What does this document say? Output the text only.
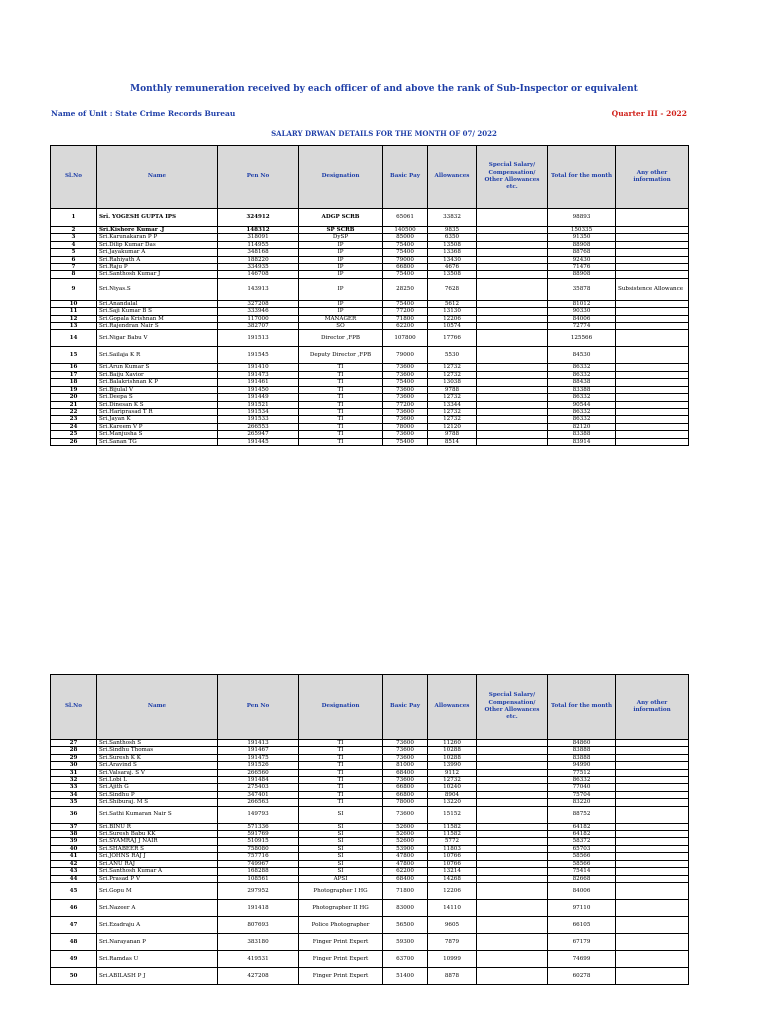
Monthly remuneration received by each officer of and above the rank of Sub-Inspector or equivalent
Name of Unit : State Crime Records Bureau	Quarter III - 2022
SALARY DRWAN DETAILS FOR THE MONTH OF 07/ 2022
Sl.No	Name	Pen No	Designation	Basic Pay	Allowances	Special Salary/ Compensation/ Other Allowances etc.	Total for the month	Any other information
1	Sri. YOGESH GUPTA IPS	324912	ADGP SCRB	65061	33832		98893	
2	Sri.Kishore Kumar .J	148312	SP SCRB	140500	9835		150335	
3	Sri.Karunakaran P P	318091	DySP	85000	6350		91350	
4	Sri.Dilip Kumar Das	114955	IP	75400	13508		88908	
5	Sri.Jayakumar A	348168	IP	75400	13368		88768	
6	Sri.Rahiyath A	188220	IP	79000	13430		92430	
7	Sri.Raju P	334935	IP	66800	4676		71476	
8	Sri.Santhosh Kumar J	146708	IP	75400	13508		88908	
9	Sri.Niyas.S	143913	IP	28250	7628		35878	Subsistence Allowance
10	Sri.Anandalal	327208	IP	75400	5612		81012	
11	Sri.Saji Kumar B S	333946	IP	77200	13130		90330	
12	Sri.Gopala Krishnan M	117000	MANAGER	71800	12206		84006	
13	Sri.Rajendran Nair S	382707	SO	62200	10574		72774	
14	Sri.Nigar Babu V	191513	Director ,FPB	107800	17766		125566	
15	Sri.Sailaja K R	191545	Deputy Director ,FPB	79000	5530		84530	
16	Sri.Arun Kumar S	191410	TI	73600	12732		86332	
17	Sri.Baiju Xavior	191473	TI	73600	12732		86332	
18	Sri.Balakrishnan K P	191461	TI	75400	13038		88438	
19	Sri.Bijulal V	191450	TI	73600	9788		83388	
20	Sri.Deepa S	191449	TI	73600	12732		86332	
21	Sri.Dinesan K S	191521	TI	77200	13344		90544	
22	Sri.Hariprasad T R	191534	TI	73600	12732		86332	
23	Sri.Jayan K	191533	TI	73600	12732		86332	
24	Sri.Kareem V P	266553	TI	78000	12120		82120	
25	Sri.Manjusha S	265947	TI	73600	9788		83388	
26	Sri.Sanan TG	191445	TI	75400	8514		83914	
Sl.No	Name	Pen No	Designation	Basic Pay	Allowances	Special Salary/ Compensation/ Other Allowances etc.	Total for the month	Any other information
27	Sri.Santhosh S	191413	TI	73600	11260		84860	
28	Sri.Sindhu Thomas	191467	TI	73600	10288		83888	
29	Sri.Suresh K K	191475	TI	73600	10288		83888	
30	Sri.Aravind S	191526	TI	81000	13990		94990	
31	Sri.Valsaraj. S V	266560	TI	68400	9112		77512	
32	Sri.Lobi L	191484	TI	73600	12732		86332	
33	Sri.Ajith G	275403	TI	66800	10240		77040	
34	Sri.Sindhu P	347401	TI	66800	8904		75704	
35	Sri.Shiburaj. M S	266563	TI	78000	13220		83220	
36	Sri.Sathi Kumaran Nair S	149793	SI	73600	15152		88752	
37	Sri.BINU R	571336	SI	52600	11582		64182	
38	Sri.Suresh Babu KK	591769	SI	52600	11582		64182	
39	Sri.SYAMRAJ J NAIR	510915	SI	52600	5772		58372	
40	Sri.SHABEER S	758080	SI	53900	11803		65703	
41	Sri.JOHNS RAJ J	757716	SI	47800	10766		58566	
42	Sri.ANU RAJ	749967	SI	47800	10766		58566	
43	Sri.Santhosh Kumar A	168288	SI	62200	13214		75414	
44	Sri.Prasad P V	108561	APSI	68400	14268		82668	
45	Sri.Gopu M	297952	Photographer I HG	71800	12206		84006	
46	Sri.Nazeer A	191418	Photographer II HG	83000	14110		97110	
47	Sri.Ezadraju A	807693	Police Photographer	56500	9605		66105	
48	Sri.Narayanan P	383180	Finger Print Expert	59300	7879		67179	
49	Sri.Ramdas U	419531	Finger Print Expert	63700	10999		74699	
50	Sri.ABILASH P J	427208	Finger Print Expert	51400	8878		60278	
